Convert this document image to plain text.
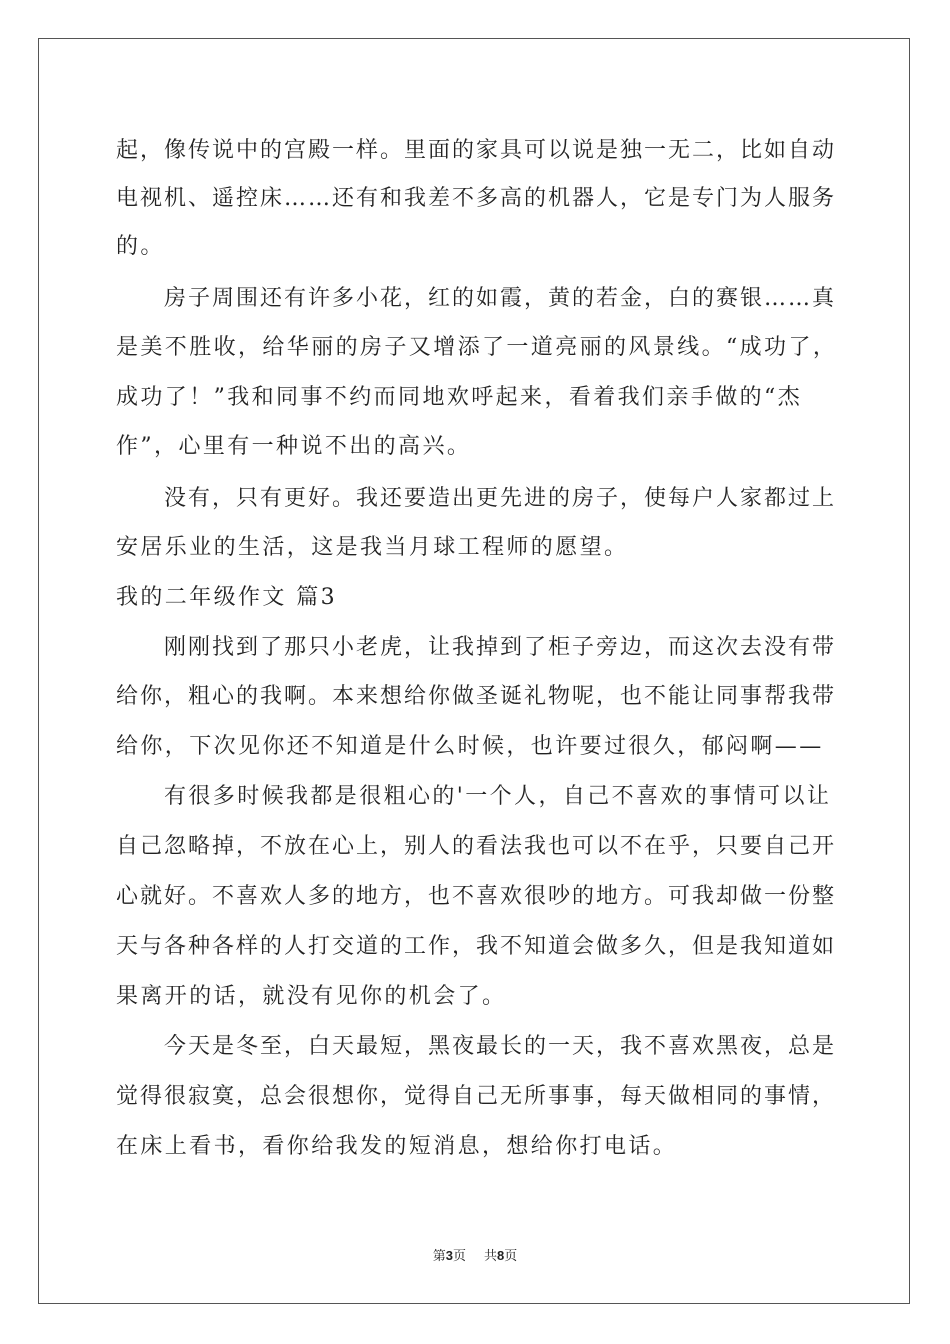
起，像传说中的宫殿一样。里面的家具可以说是独一无二，比如自动
电视机、遥控床……还有和我差不多高的机器人，它是专门为人服务
的。
房子周围还有许多小花，红的如霞，黄的若金，白的赛银……真
是美不胜收，给华丽的房子又增添了一道亮丽的风景线。“成功了，
成功了！”我和同事不约而同地欢呼起来，看着我们亲手做的“杰
作”，心里有一种说不出的高兴。
没有，只有更好。我还要造出更先进的房子，使每户人家都过上
安居乐业的生活，这是我当月球工程师的愿望。
我的二年级作文 篇3
刚刚找到了那只小老虎，让我掉到了柜子旁边，而这次去没有带
给你，粗心的我啊。本来想给你做圣诞礼物呢，也不能让同事帮我带
给你，下次见你还不知道是什么时候，也许要过很久，郁闷啊——
有很多时候我都是很粗心的'一个人，自己不喜欢的事情可以让
自己忽略掉，不放在心上，别人的看法我也可以不在乎，只要自己开
心就好。不喜欢人多的地方，也不喜欢很吵的地方。可我却做一份整
天与各种各样的人打交道的工作，我不知道会做多久，但是我知道如
果离开的话，就没有见你的机会了。
今天是冬至，白天最短，黑夜最长的一天，我不喜欢黑夜，总是
觉得很寂寞，总会很想你，觉得自己无所事事，每天做相同的事情，
在床上看书，看你给我发的短消息，想给你打电话。
第3页 共8页
